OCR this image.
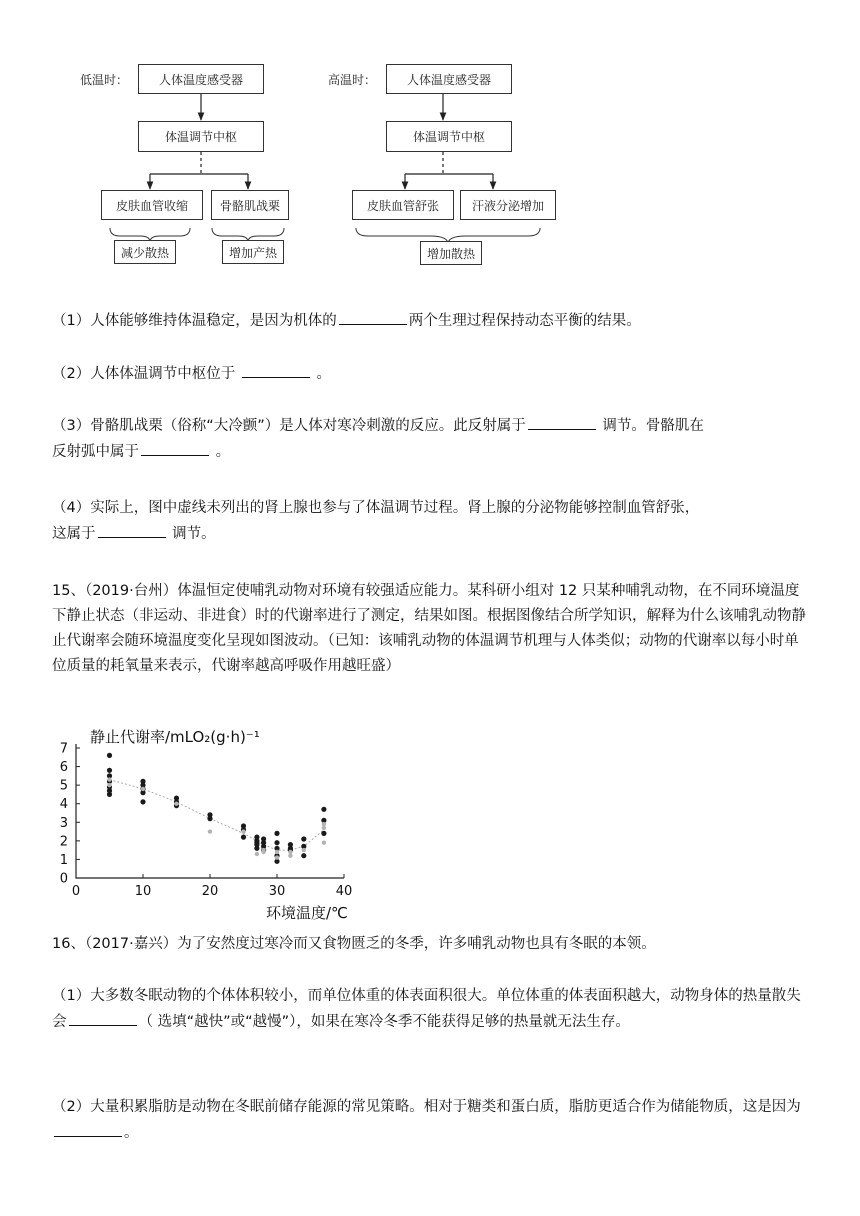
低温时：	人体温度感受器
体温调节中枢
皮肤血管收缩	骨骼肌战栗
减少散热	增加产热
高温时：	人体温度感受器
体温调节中枢
皮肤血管舒张	汗液分泌增加
增加散热

（1）人体能够维持体温稳定，是因为机体的	两个生理过程保持动态平衡的结果。

（2）人体体温调节中枢位于	。

（3）骨骼肌战栗（俗称“大冷颤”）是人体对寒冷刺激的反应。此反射属于	调节。骨骼肌在
反射弧中属于	。

（4）实际上，图中虚线未列出的肾上腺也参与了体温调节过程。肾上腺的分泌物能够控制血管舒张，
这属于	调节。

15、（2019·台州）体温恒定使哺乳动物对环境有较强适应能力。某科研小组对 12 只某种哺乳动物，在不同环境温度下静止状态（非运动、非进食）时的代谢率进行了测定，结果如图。根据图像结合所学知识，解释为什么该哺乳动物静止代谢率会随环境温度变化呈现如图波动。（已知：该哺乳动物的体温调节机理与人体类似；动物的代谢率以每小时单位质量的耗氧量来表示，代谢率越高呼吸作用越旺盛）

静止代谢率/mLO₂(g·h)⁻¹
环境温度/℃
0
1
2
3
4
5
6
7
0	10	20	30	40

16、（2017·嘉兴）为了安然度过寒冷而又食物匮乏的冬季，许多哺乳动物也具有冬眠的本领。

（1）大多数冬眠动物的个体体积较小，而单位体重的体表面积很大。单位体重的体表面积越大，动物身体的热量散失会	（ 选填“越快”或“越慢”），如果在寒冷冬季不能获得足够的热量就无法生存。

（2）大量积累脂肪是动物在冬眠前储存能源的常见策略。相对于糖类和蛋白质，脂肪更适合作为储能物质，这是因为。
